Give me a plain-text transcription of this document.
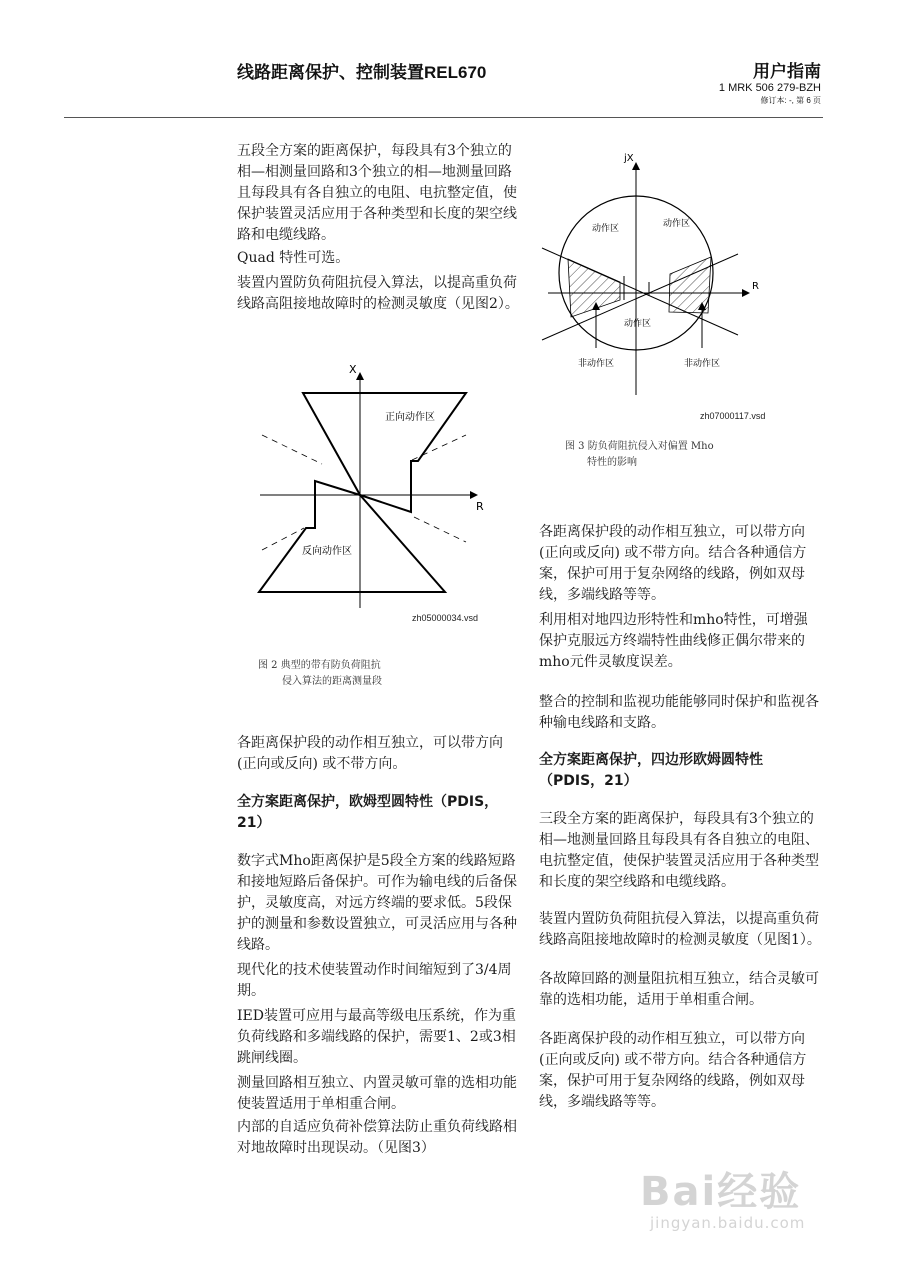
线路距离保护、控制装置REL670	用户指南
1 MRK 506 279-BZH
修订本: -, 第 6 页

五段全方案的距离保护，每段具有3个独立的相—相测量回路和3个独立的相—地测量回路且每段具有各自独立的电阻、电抗整定值，使保护装置灵活应用于各种类型和长度的架空线路和电缆线路。

Quad 特性可选。

装置内置防负荷阻抗侵入算法，以提高重负荷线路高阻接地故障时的检测灵敏度（见图2）。

X
R
正向动作区
反向动作区
zh05000034.vsd
图 2 典型的带有防负荷阻抗
侵入算法的距离测量段

各距离保护段的动作相互独立，可以带方向 (正向或反向) 或不带方向。

全方案距离保护，欧姆型圆特性（PDIS，21）

数字式Mho距离保护是5段全方案的线路短路和接地短路后备保护。可作为输电线的后备保护，灵敏度高，对远方终端的要求低。5段保护的测量和参数设置独立，可灵活应用与各种线路。

现代化的技术使装置动作时间缩短到了3/4周期。

IED装置可应用与最高等级电压系统，作为重负荷线路和多端线路的保护，需要1、2或3相跳闸线圈。

测量回路相互独立、内置灵敏可靠的选相功能使装置适用于单相重合闸。

内部的自适应负荷补偿算法防止重负荷线路相对地故障时出现误动。（见图3）

jX
R
动作区	动作区
动作区
非动作区	非动作区
zh07000117.vsd
图 3 防负荷阻抗侵入对偏置 Mho
特性的影响

各距离保护段的动作相互独立，可以带方向 (正向或反向) 或不带方向。结合各种通信方案，保护可用于复杂网络的线路，例如双母线，多端线路等等。

利用相对地四边形特性和mho特性，可增强保护克服远方终端特性曲线修正偶尔带来的mho元件灵敏度误差。

整合的控制和监视功能能够同时保护和监视各种输电线路和支路。

全方案距离保护，四边形欧姆圆特性（PDIS，21）

三段全方案的距离保护，每段具有3个独立的相—地测量回路且每段具有各自独立的电阻、电抗整定值，使保护装置灵活应用于各种类型和长度的架空线路和电缆线路。

装置内置防负荷阻抗侵入算法，以提高重负荷线路高阻接地故障时的检测灵敏度（见图1）。

各故障回路的测量阻抗相互独立，结合灵敏可靠的选相功能，适用于单相重合闸。

各距离保护段的动作相互独立，可以带方向 (正向或反向) 或不带方向。结合各种通信方案，保护可用于复杂网络的线路，例如双母线，多端线路等等。

Bai经验
jingyan.baidu.com
